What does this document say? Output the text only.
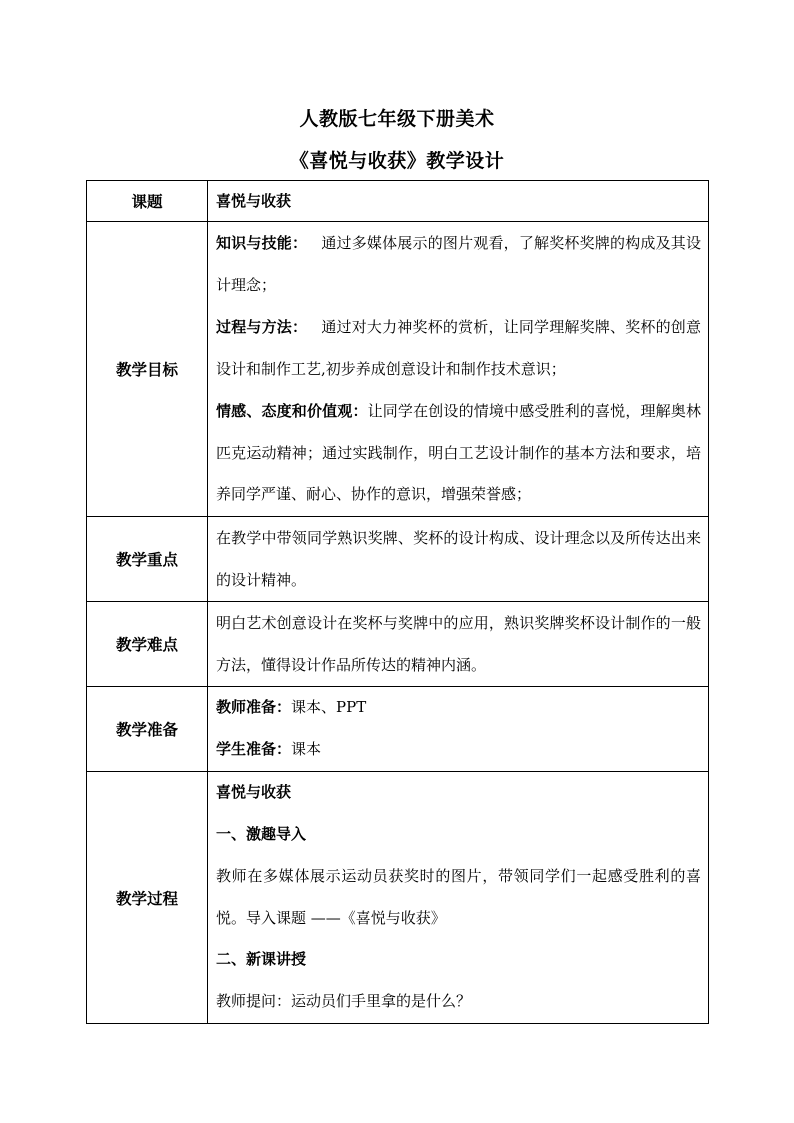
人教版七年级下册美术
《喜悦与收获》教学设计
课题	喜悦与收获

教学目标	知识与技能： 通过多媒体展示的图片观看，了解奖杯奖牌的构成及其设计理念；
过程与方法： 通过对大力神奖杯的赏析，让同学理解奖牌、奖杯的创意设计和制作工艺,初步养成创意设计和制作技术意识；
情感、态度和价值观：让同学在创设的情境中感受胜利的喜悦，理解奥林匹克运动精神；通过实践制作，明白工艺设计制作的基本方法和要求，培养同学严谨、耐心、协作的意识，增强荣誉感；

教学重点	在教学中带领同学熟识奖牌、奖杯的设计构成、设计理念以及所传达出来的设计精神。

教学难点	明白艺术创意设计在奖杯与奖牌中的应用，熟识奖牌奖杯设计制作的一般方法，懂得设计作品所传达的精神内涵。

教学准备	教师准备：课本、PPT
学生准备：课本

教学过程	喜悦与收获
一、激趣导入
教师在多媒体展示运动员获奖时的图片，带领同学们一起感受胜利的喜悦。导入课题 ——《喜悦与收获》
二、新课讲授
教师提问：运动员们手里拿的是什么？
